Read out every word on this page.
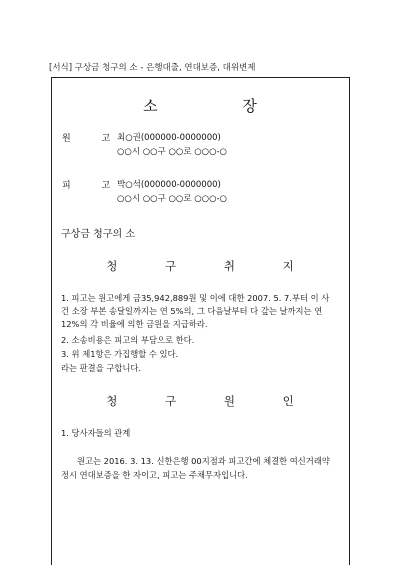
[서식] 구상금 청구의 소 - 은행대출, 연대보증, 대위변제
소 장
원 고
최○권(000000-0000000)
○○시 ○○구 ○○로 ○○○-○
피 고
박○석(000000-0000000)
○○시 ○○구 ○○로 ○○○-○
구상금 청구의 소
청 구 취 지
1. 피고는 원고에게 금35,942,889원 및 이에 대한 2007. 5. 7.부터 이 사
건 소장 부본 송달일까지는 연 5%의, 그 다음날부터 다 갚는 날까지는 연
12%의 각 비율에 의한 금원을 지급하라.
2. 소송비용은 피고의 부담으로 한다.
3. 위 제1항은 가집행할 수 있다.
라는 판결을 구합니다.
청 구 원 인
1. 당사자들의 관계
원고는 2016. 3. 13. 신한은행 00지점과 피고간에 체결한 여신거래약
정시 연대보증을 한 자이고, 피고는 주채무자입니다.
